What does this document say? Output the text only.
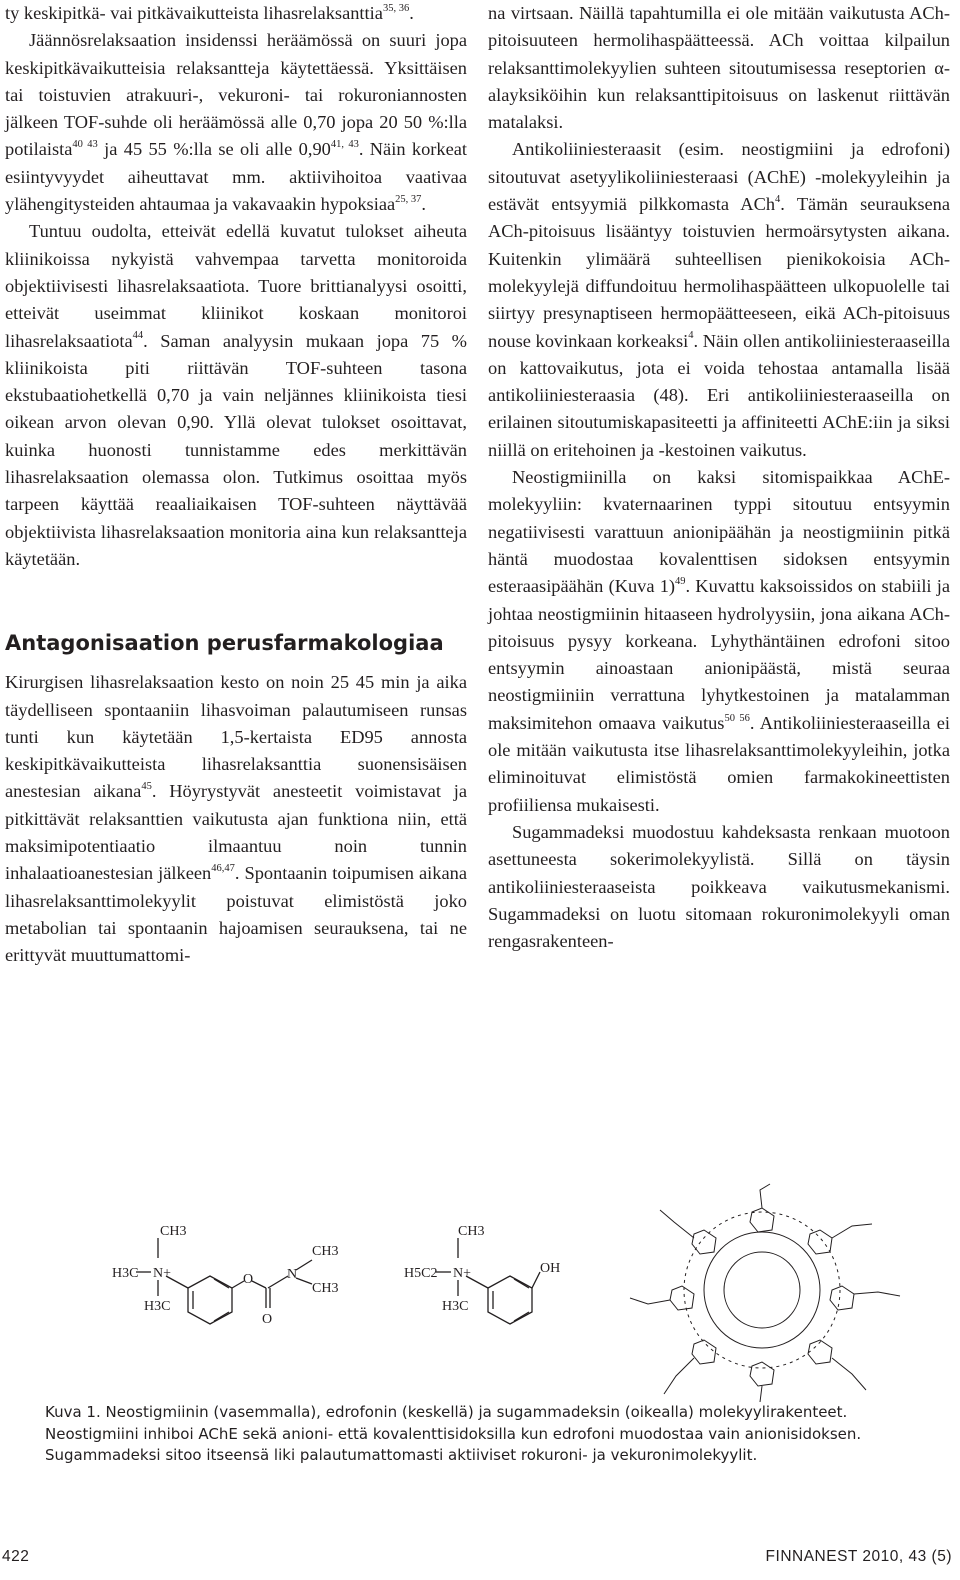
ty keskipitkä- vai pitkävaikutteista lihasrelaksanttia$^{35, 36}$.

Jäännösrelaksaation insidenssi heräämössä on suuri jopa keskipitkävaikutteisia relaksantteja käytettäessä. Yksittäisen tai toistuvien atrakuuri-, vekuroni- tai rokuroniannosten jälkeen TOF-suhde oli heräämössä alle 0,70 jopa 20 50 %:lla potilaista$^{40 43}$ ja 45 55 %:lla se oli alle 0,90$^{41, 43}$. Näin korkeat esiintyvyydet aiheuttavat mm. aktiivihoitoa vaativaa ylähengitysteiden ahtaumaa ja vakavaakin hypoksiaa$^{25, 37}$.

Tuntuu oudolta, etteivät edellä kuvatut tulokset aiheuta kliinikoissa nykyistä vahvempaa tarvetta monitoroida objektiivisesti lihasrelaksaatiota. Tuore brittianalyysi osoitti, etteivät useimmat kliinikot koskaan monitoroi lihasrelaksaatiota$^{44}$. Saman analyysin mukaan jopa 75 % kliinikoista piti riittävän TOF-suhteen tasona ekstubaatiohetkellä 0,70 ja vain neljännes kliinikoista tiesi oikean arvon olevan 0,90. Yllä olevat tulokset osoittavat, kuinka huonosti tunnistamme edes merkittävän lihasrelaksaation olemassa olon. Tutkimus osoittaa myös tarpeen käyttää reaaliaikaisen TOF-suhteen näyttävää objektiivista lihasrelaksaation monitoria aina kun relaksantteja käytetään.

Antagonisaation perusfarmakologiaa

Kirurgisen lihasrelaksaation kesto on noin 25 45 min ja aika täydelliseen spontaaniin lihasvoiman palautumiseen runsas tunti kun käytetään 1,5-kertaista ED95 annosta keskipitkävaikutteista lihasrelaksanttia suonensisäisen anestesian aikana$^{45}$. Höyrystyvät anesteetit voimistavat ja pitkittävät relaksanttien vaikutusta ajan funktiona niin, että maksimipotentiaatio ilmaantuu noin tunnin inhalaatioanestesian jälkeen$^{46,47}$. Spontaanin toipumisen aikana lihasrelaksanttimolekyylit poistuvat elimistöstä joko metabolian tai spontaanin hajoamisen seurauksena, tai ne erittyvät muuttumattomi-

na virtsaan. Näillä tapahtumilla ei ole mitään vaikutusta ACh-pitoisuuteen hermolihaspäätteessä. ACh voittaa kilpailun relaksanttimolekyylien suhteen sitoutumisessa reseptorien α-alayksiköihin kun relaksanttipitoisuus on laskenut riittävän matalaksi.

Antikoliiniesteraasit (esim. neostigmiini ja edrofoni) sitoutuvat asetyylikoliiniesteraasi (AChE) -molekyyleihin ja estävät entsyymiä pilkkomasta ACh$^4$. Tämän seurauksena ACh-pitoisuus lisääntyy toistuvien hermoärsytysten aikana. Kuitenkin ylimäärä suhteellisen pienikokoisia ACh-molekyylejä diffundoituu hermolihaspäätteen ulkopuolelle tai siirtyy presynaptiseen hermopäätteeseen, eikä ACh-pitoisuus nouse kovinkaan korkeaksi$^4$. Näin ollen antikoliiniesteraaseilla on kattovaikutus, jota ei voida tehostaa antamalla lisää antikoliiniesteraasia (48). Eri antikoliiniesteraaseilla on erilainen sitoutumiskapasiteetti ja affiniteetti AChE:iin ja siksi niillä on eritehoinen ja -kestoinen vaikutus.

Neostigmiinilla on kaksi sitomispaikkaa AChE-molekyyliin: kvaternaarinen typpi sitoutuu entsyymin negatiivisesti varattuun anionipäähän ja neostigmiinin pitkä häntä muodostaa kovalenttisen sidoksen entsyymin esteraasipäähän (Kuva 1)$^{49}$. Kuvattu kaksoissidos on stabiili ja johtaa neostigmiinin hitaaseen hydrolyysiin, jona aikana ACh-pitoisuus pysyy korkeana. Lyhythäntäinen edrofoni sitoo entsyymin ainoastaan anionipäästä, mistä seuraa neostigmiiniin verrattuna lyhytkestoinen ja matalamman maksimitehon omaava vaikutus$^{50 56}$. Antikoliiniesteraaseilla ei ole mitään vaikutusta itse lihasrelaksanttimolekyyleihin, jotka eliminoituvat elimistöstä omien farmakokineettisten profiiliensa mukaisesti.

Sugammadeksi muodostuu kahdeksasta renkaan muotoon asettuneesta sokerimolekyylistä. Sillä on täysin antikoliiniesteraaseista poikkeava vaikutusmekanismi. Sugammadeksi on luotu sitomaan rokuronimolekyyli oman rengasrakenteen-

CH3
H3C N+
H3C
O
O
N
CH3
CH3
CH3
H5C2 N+
H3C
OH
Kuva 1. Neostigmiinin (vasemmalla), edrofonin (keskellä) ja sugammadeksin (oikealla) molekyylirakenteet.
Neostigmiini inhiboi AChE sekä anioni- että kovalenttisidoksilla kun edrofoni muodostaa vain anionisidoksen.
Sugammadeksi sitoo itseensä liki palautumattomasti aktiiviset rokuroni- ja vekuronimolekyylit.
422	FINNANEST 2010, 43 (5)
